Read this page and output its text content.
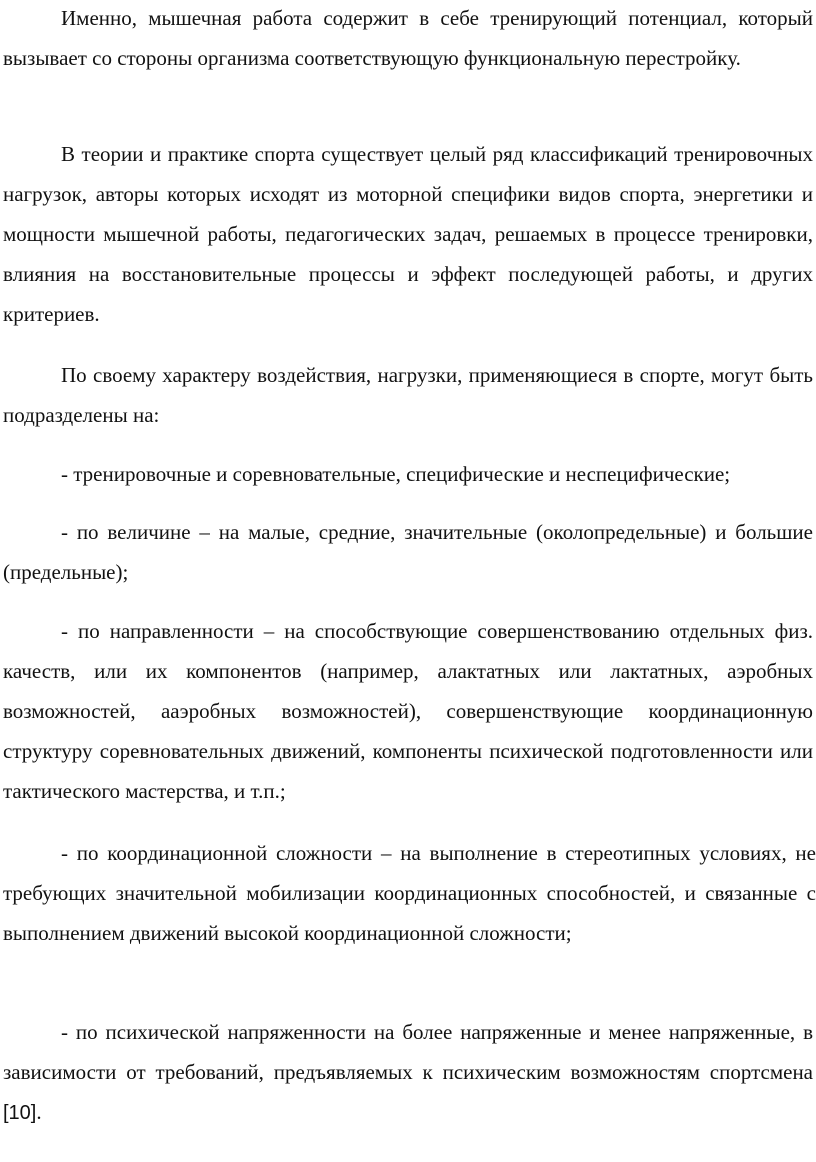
Именно, мышечная работа содержит в себе тренирующий потенциал, который вызывает со стороны организма соответствующую функциональную перестройку.

В теории и практике спорта существует целый ряд классификаций тренировочных нагрузок, авторы которых исходят из моторной специфики видов спорта, энергетики и мощности мышечной работы, педагогических задач, решаемых в процессе тренировки, влияния на восстановительные процессы и эффект последующей работы, и других критериев.

По своему характеру воздействия, нагрузки, применяющиеся в спорте, могут быть подразделены на:

- тренировочные и соревновательные, специфические и неспецифические;

- по величине – на малые, средние, значительные (околопредельные) и большие (предельные);

- по направленности – на способствующие совершенствованию отдельных физ. качеств, или их компонентов (например, алактатных или лактатных, аэробных возможностей, ааэробных возможностей), совершенствующие координационную структуру соревновательных движений, компоненты психической подготовленности или тактического мастерства, и т.п.;

- по координационной сложности – на выполнение в стереотипных условиях, не требующих значительной мобилизации координационных способностей, и связанные с выполнением движений высокой координационной сложности;

- по психической напряженности на более напряженные и менее напряженные, в зависимости от требований, предъявляемых к психическим возможностям спортсмена [10].
